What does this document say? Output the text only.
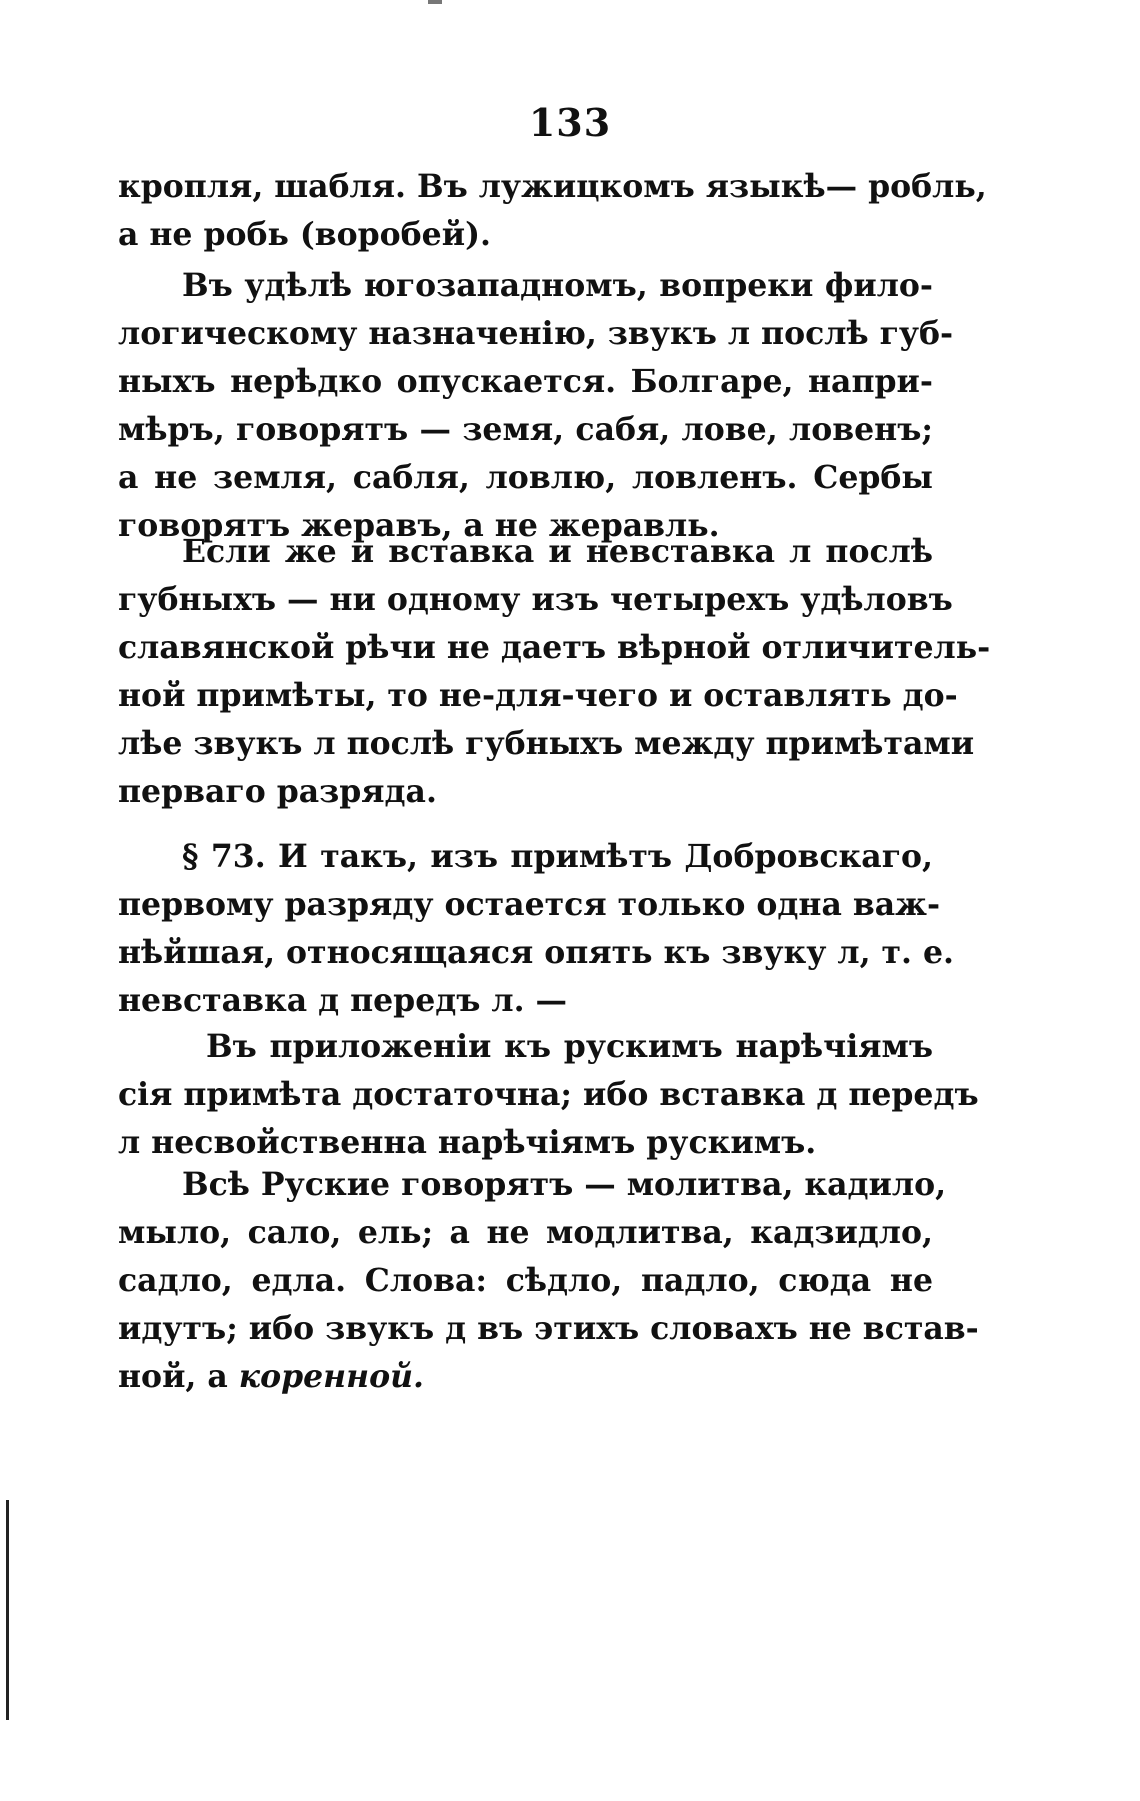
133
кропля, шабля. Въ лужицкомъ языкѣ— робль,
а не робь (воробей).
Въ удѣлѣ югозападномъ, вопреки фило-
логическому назначенію, звукъ л послѣ губ-
ныхъ нерѣдко опускается. Болгаре, напри-
мѣръ, говорятъ — земя, сабя, лове, ловенъ;
а не земля, сабля, ловлю, ловленъ. Сербы
говорятъ жеравъ, а не жеравль.
Если же и вставка и невставка л послѣ
губныхъ — ни одному изъ четырехъ удѣловъ
славянской рѣчи не даетъ вѣрной отличитель-
ной примѣты, то не-для-чего и оставлять до-
лѣе звукъ л послѣ губныхъ между примѣтами
перваго разряда.
§ 73. И такъ, изъ примѣтъ Добровскаго,
первому разряду остается только одна важ-
нѣйшая, относящаяся опять къ звуку л, т. е.
невставка д передъ л. —
Въ приложеніи къ рускимъ нарѣчіямъ
сія примѣта достаточна; ибо вставка д передъ
л несвойственна нарѣчіямъ рускимъ.
Всѣ Руские говорятъ — молитва, кадило,
мыло, сало, ель; а не модлитва, кадзидло,
садло, едла. Слова: сѣдло, падло, сюда не
идутъ; ибо звукъ д въ этихъ словахъ не встав-
ной, а коренной.
